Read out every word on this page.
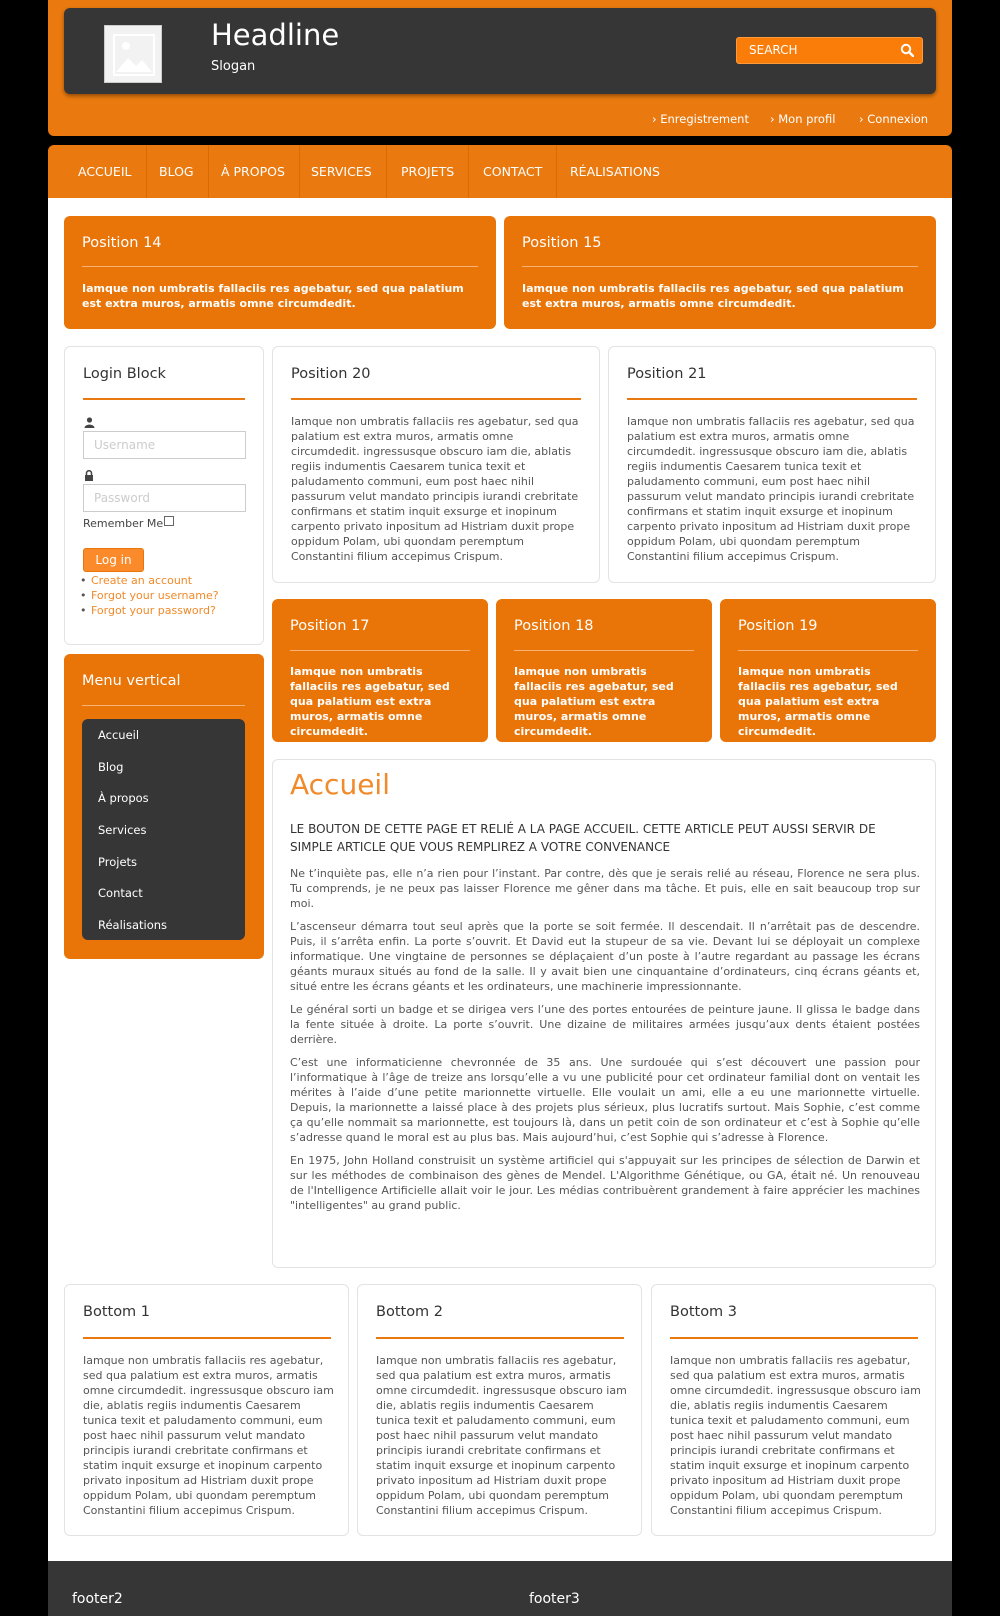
Headline
Slogan
SEARCH
› Enregistrement › Mon profil › Connexion
ACCUEIL	BLOG	À PROPOS	SERVICES	PROJETS	CONTACT	RÉALISATIONS
Position 14
Iamque non umbratis fallaciis res agebatur, sed qua palatium est extra muros, armatis omne circumdedit.
Position 15
Iamque non umbratis fallaciis res agebatur, sed qua palatium est extra muros, armatis omne circumdedit.
Login Block
Username
Password
Remember Me
Log in
• Create an account
• Forgot your username?
• Forgot your password?
Menu vertical
Accueil
Blog
À propos
Services
Projets
Contact
Réalisations
Position 20
Iamque non umbratis fallaciis res agebatur, sed qua palatium est extra muros, armatis omne circumdedit. ingressusque obscuro iam die, ablatis regiis indumentis Caesarem tunica texit et paludamento communi, eum post haec nihil passurum velut mandato principis iurandi crebritate confirmans et statim inquit exsurge et inopinum carpento privato inpositum ad Histriam duxit prope oppidum Polam, ubi quondam peremptum Constantini filium accepimus Crispum.
Position 21
Iamque non umbratis fallaciis res agebatur, sed qua palatium est extra muros, armatis omne circumdedit. ingressusque obscuro iam die, ablatis regiis indumentis Caesarem tunica texit et paludamento communi, eum post haec nihil passurum velut mandato principis iurandi crebritate confirmans et statim inquit exsurge et inopinum carpento privato inpositum ad Histriam duxit prope oppidum Polam, ubi quondam peremptum Constantini filium accepimus Crispum.
Position 17
Iamque non umbratis fallaciis res agebatur, sed qua palatium est extra muros, armatis omne circumdedit.
Position 18
Iamque non umbratis fallaciis res agebatur, sed qua palatium est extra muros, armatis omne circumdedit.
Position 19
Iamque non umbratis fallaciis res agebatur, sed qua palatium est extra muros, armatis omne circumdedit.
Accueil
LE BOUTON DE CETTE PAGE ET RELIÉ A LA PAGE ACCUEIL. CETTE ARTICLE PEUT AUSSI SERVIR DE SIMPLE ARTICLE QUE VOUS REMPLIREZ A VOTRE CONVENANCE
Ne t’inquiète pas, elle n’a rien pour l’instant. Par contre, dès que je serais relié au réseau, Florence ne sera plus. Tu comprends, je ne peux pas laisser Florence me gêner dans ma tâche. Et puis, elle en sait beaucoup trop sur moi.
L’ascenseur démarra tout seul après que la porte se soit fermée. Il descendait. Il n’arrêtait pas de descendre. Puis, il s’arrêta enfin. La porte s’ouvrit. Et David eut la stupeur de sa vie. Devant lui se déployait un complexe informatique. Une vingtaine de personnes se déplaçaient d’un poste à l’autre regardant au passage les écrans géants muraux situés au fond de la salle. Il y avait bien une cinquantaine d’ordinateurs, cinq écrans géants et, situé entre les écrans géants et les ordinateurs, une machinerie impressionnante.
Le général sorti un badge et se dirigea vers l’une des portes entourées de peinture jaune. Il glissa le badge dans la fente située à droite. La porte s’ouvrit. Une dizaine de militaires armées jusqu’aux dents étaient postées derrière.
C’est une informaticienne chevronnée de 35 ans. Une surdouée qui s’est découvert une passion pour l’informatique à l’âge de treize ans lorsqu’elle a vu une publicité pour cet ordinateur familial dont on ventait les mérites à l’aide d’une petite marionnette virtuelle. Elle voulait un ami, elle a eu une marionnette virtuelle. Depuis, la marionnette a laissé place à des projets plus sérieux, plus lucratifs surtout. Mais Sophie, c’est comme ça qu’elle nommait sa marionnette, est toujours là, dans un petit coin de son ordinateur et c’est à Sophie qu’elle s’adresse quand le moral est au plus bas. Mais aujourd’hui, c’est Sophie qui s’adresse à Florence.
En 1975, John Holland construisit un système artificiel qui s'appuyait sur les principes de sélection de Darwin et sur les méthodes de combinaison des gènes de Mendel. L'Algorithme Génétique, ou GA, était né. Un renouveau de l'Intelligence Artificielle allait voir le jour. Les médias contribuèrent grandement à faire apprécier les machines "intelligentes" au grand public.
Bottom 1
Iamque non umbratis fallaciis res agebatur, sed qua palatium est extra muros, armatis omne circumdedit. ingressusque obscuro iam die, ablatis regiis indumentis Caesarem tunica texit et paludamento communi, eum post haec nihil passurum velut mandato principis iurandi crebritate confirmans et statim inquit exsurge et inopinum carpento privato inpositum ad Histriam duxit prope oppidum Polam, ubi quondam peremptum Constantini filium accepimus Crispum.
Bottom 2
Iamque non umbratis fallaciis res agebatur, sed qua palatium est extra muros, armatis omne circumdedit. ingressusque obscuro iam die, ablatis regiis indumentis Caesarem tunica texit et paludamento communi, eum post haec nihil passurum velut mandato principis iurandi crebritate confirmans et statim inquit exsurge et inopinum carpento privato inpositum ad Histriam duxit prope oppidum Polam, ubi quondam peremptum Constantini filium accepimus Crispum.
Bottom 3
Iamque non umbratis fallaciis res agebatur, sed qua palatium est extra muros, armatis omne circumdedit. ingressusque obscuro iam die, ablatis regiis indumentis Caesarem tunica texit et paludamento communi, eum post haec nihil passurum velut mandato principis iurandi crebritate confirmans et statim inquit exsurge et inopinum carpento privato inpositum ad Histriam duxit prope oppidum Polam, ubi quondam peremptum Constantini filium accepimus Crispum.
footer2	footer3
